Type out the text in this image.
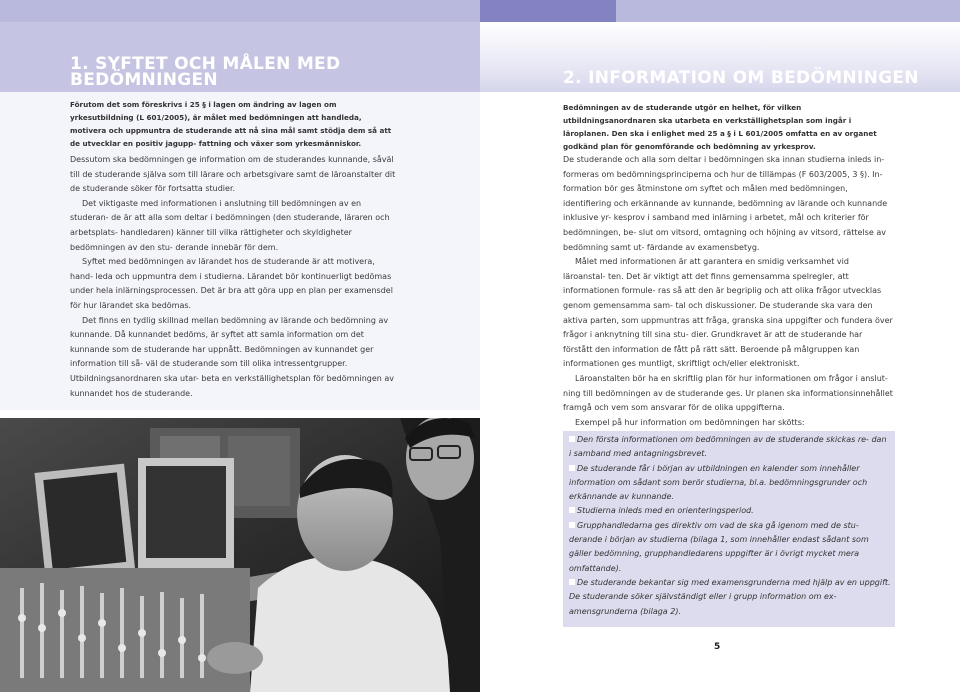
1. SYFTET OCH MÅLEN MED BEDÖMNINGEN	2. INFORMATION OM BEDÖMNINGEN
Förutom det som föreskrivs i 25 § i lagen om ändring av lagen om yrkesutbildning (L 601/2005), är målet med bedömningen att handleda, motivera och uppmuntra de studerande att nå sina mål samt stödja dem så att de utvecklar en positiv jagupp- fattning och växer som yrkesmänniskor.
Bedömningen av de studerande utgör en helhet, för vilken utbildningsanordnaren ska utarbeta en verkställighetsplan som ingår i läroplanen. Den ska i enlighet med 25 a § i L 601/2005 omfatta en av organet godkänd plan för genomförande och bedömning av yrkesprov.

Dessutom ska bedömningen ge information om de studerandes kunnande, såväl till de studerande själva som till lärare och arbetsgivare samt de läroanstalter dit de studerande söker för fortsatta studier.

Det viktigaste med informationen i anslutning till bedömningen av en studeran- de är att alla som deltar i bedömningen (den studerande, läraren och arbetsplats- handledaren) känner till vilka rättigheter och skyldigheter bedömningen av den stu- derande innebär för dem.

Syftet med bedömningen av lärandet hos de studerande är att motivera, hand- leda och uppmuntra dem i studierna. Lärandet bör kontinuerligt bedömas under hela inlärningsprocessen. Det är bra att göra upp en plan per examensdel för hur lärandet ska bedömas.

Det finns en tydlig skillnad mellan bedömning av lärande och bedömning av kunnande. Då kunnandet bedöms, är syftet att samla information om det kunnande som de studerande har uppnått. Bedömningen av kunnandet ger information till så- väl de studerande som till olika intressentgrupper. Utbildningsanordnaren ska utar- beta en verkställighetsplan för bedömningen av kunnandet hos de studerande.

De studerande och alla som deltar i bedömningen ska innan studierna inleds in- formeras om bedömningsprinciperna och hur de tillämpas (F 603/2005, 3 §). In- formation bör ges åtminstone om syftet och målen med bedömningen, identifiering och erkännande av kunnande, bedömning av lärande och kunnande inklusive yr- kesprov i samband med inlärning i arbetet, mål och kriterier för bedömningen, be- slut om vitsord, omtagning och höjning av vitsord, rättelse av bedömning samt ut- färdande av examensbetyg.

Målet med informationen är att garantera en smidig verksamhet vid läroanstal- ten. Det är viktigt att det finns gemensamma spelregler, att informationen formule- ras så att den är begriplig och att olika frågor utvecklas genom gemensamma sam- tal och diskussioner. De studerande ska vara den aktiva parten, som uppmuntras att fråga, granska sina uppgifter och fundera över frågor i anknytning till sina stu- dier. Grundkravet är att de studerande har förstått den information de fått på rätt sätt. Beroende på målgruppen kan informationen ges muntligt, skriftligt och/eller elektroniskt.

Läroanstalten bör ha en skriftlig plan för hur informationen om frågor i anslut- ning till bedömningen av de studerande ges. Ur planen ska informationsinnehållet framgå och vem som ansvarar för de olika uppgifterna.

Exempel på hur information om bedömningen har skötts:

Den första informationen om bedömningen av de studerande skickas re- dan i samband med antagningsbrevet.
De studerande får i början av utbildningen en kalender som innehåller information om sådant som berör studierna, bl.a. bedömningsgrunder och erkännande av kunnande.
Studierna inleds med en orienteringsperiod.
Grupphandledarna ges direktiv om vad de ska gå igenom med de stu- derande i början av studierna (bilaga 1, som innehåller endast sådant som gäller bedömning, grupphandledarens uppgifter är i övrigt mycket mera omfattande).
De studerande bekantar sig med examensgrunderna med hjälp av en uppgift. De studerande söker självständigt eller i grupp information om ex- amensgrunderna (bilaga 2).
5
